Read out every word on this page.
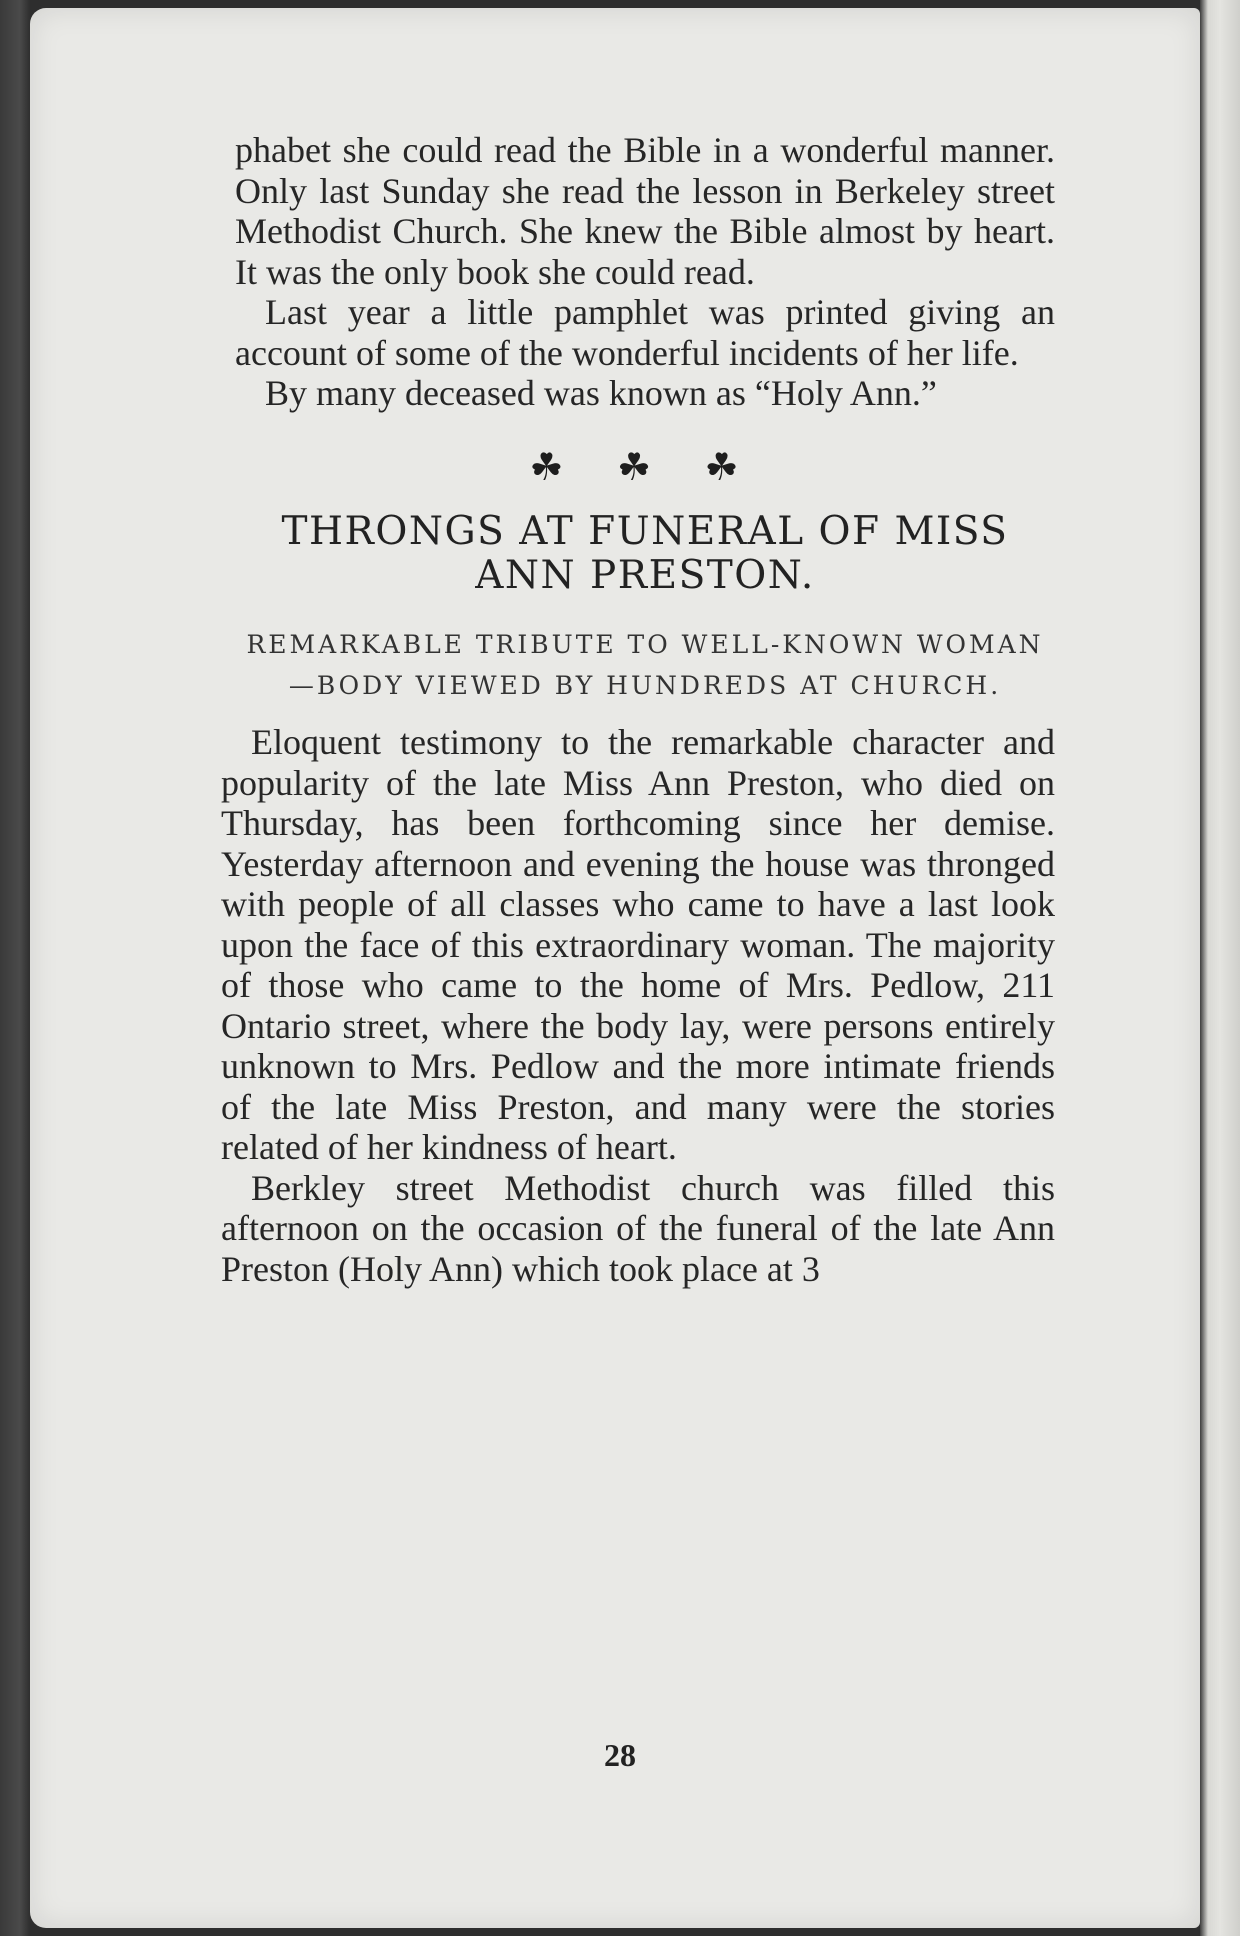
phabet she could read the Bible in a wonderful manner. Only last Sunday she read the lesson in Berkeley street Methodist Church. She knew the Bible almost by heart. It was the only book she could read.

Last year a little pamphlet was printed giving an account of some of the wonderful incidents of her life.

By many deceased was known as “Holy Ann.”

☘ ☘ ☘
THRONGS AT FUNERAL OF MISS ANN PRESTON.
REMARKABLE TRIBUTE TO WELL-KNOWN WOMAN—BODY VIEWED BY HUNDREDS AT CHURCH.

Eloquent testimony to the remarkable character and popularity of the late Miss Ann Preston, who died on Thursday, has been forthcoming since her demise. Yesterday afternoon and evening the house was thronged with people of all classes who came to have a last look upon the face of this extraordinary woman. The majority of those who came to the home of Mrs. Pedlow, 211 Ontario street, where the body lay, were persons entirely unknown to Mrs. Pedlow and the more intimate friends of the late Miss Preston, and many were the stories related of her kindness of heart.

Berkley street Methodist church was filled this afternoon on the occasion of the funeral of the late Ann Preston (Holy Ann) which took place at 3

28
